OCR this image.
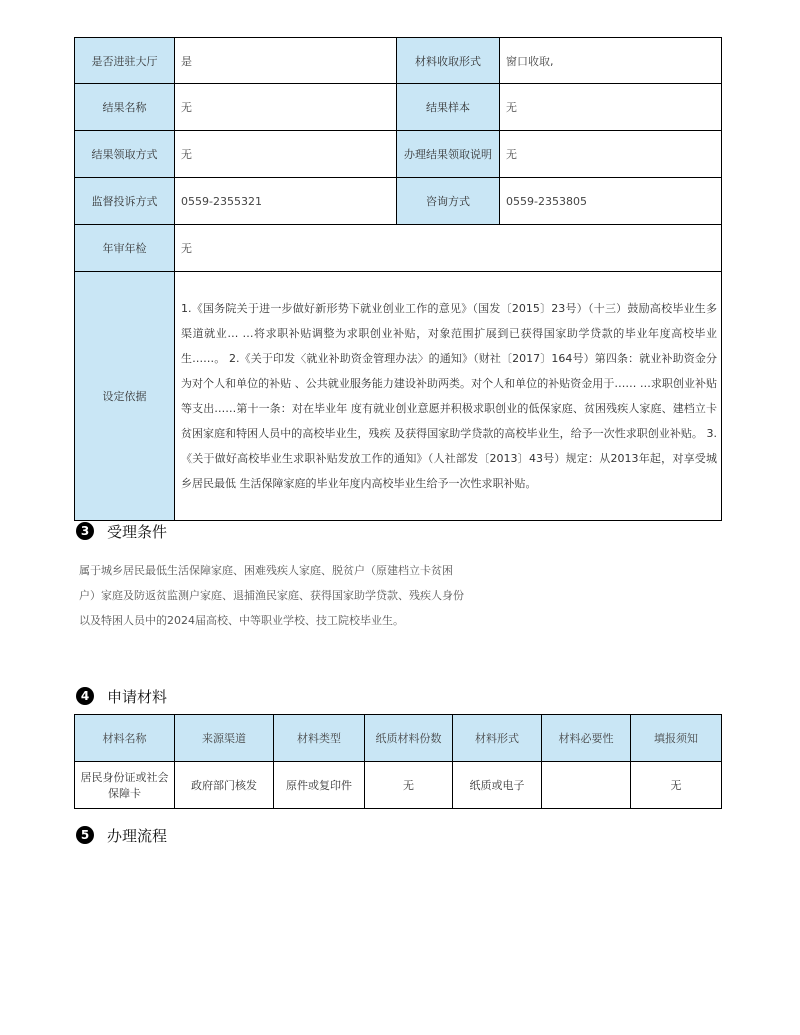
是否进驻大厅	是	材料收取形式	窗口收取,
结果名称	无	结果样本	无
结果领取方式	无	办理结果领取说明	无
监督投诉方式	0559-2355321	咨询方式	0559-2353805
年审年检	无		
设定依据	1.《国务院关于进一步做好新形势下就业创业工作的意见》（国发〔2015〕23号）（十三）鼓励高校毕业生多渠道就业… …将求职补贴调整为求职创业补贴，对象范围扩展到已获得国家助学贷款的毕业年度高校毕业生……。 2.《关于印发〈就业补助资金管理办法〉的通知》（财社〔2017〕164号）第四条：就业补助资金分为对个人和单位的补贴 、公共就业服务能力建设补助两类。对个人和单位的补贴资金用于…… …求职创业补贴等支出……第十一条：对在毕业年 度有就业创业意愿并积极求职创业的低保家庭、贫困残疾人家庭、建档立卡贫困家庭和特困人员中的高校毕业生，残疾 及获得国家助学贷款的高校毕业生，给予一次性求职创业补贴。 3.《关于做好高校毕业生求职补贴发放工作的通知》（人社部发〔2013〕43号）规定：从2013年起，对享受城乡居民最低 生活保障家庭的毕业年度内高校毕业生给予一次性求职补贴。		
3	受理条件
属于城乡居民最低生活保障家庭、困难残疾人家庭、脱贫户（原建档立卡贫困户）家庭及防返贫监测户家庭、退捕渔民家庭、获得国家助学贷款、残疾人身份以及特困人员中的2024届高校、中等职业学校、技工院校毕业生。
4	申请材料
材料名称	来源渠道	材料类型	纸质材料份数	材料形式	材料必要性	填报须知
居民身份证或社会保障卡	政府部门核发	原件或复印件	无	纸质或电子		无
5	办理流程
